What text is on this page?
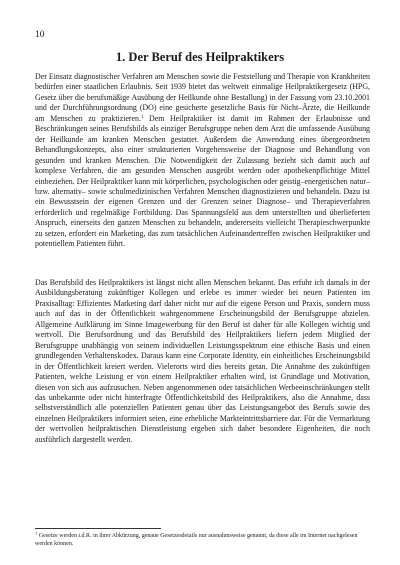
10
1. Der Beruf des Heilpraktikers

Der Einsatz diagnostischer Verfahren am Menschen sowie die Feststellung und Therapie von Krankheiten bedürfen einer staatlichen Erlaubnis. Seit 1939 bietet das weltweit einmalige Heilpraktikergesetz (HPG, Gesetz über die berufsmäßige Ausübung der Heilkunde ohne Bestallung) in der Fassung vom 23.10.2001 und der Durchführungsordnung (DO) eine gesicherte gesetzliche Basis für Nicht–Ärzte, die Heilkunde am Menschen zu praktizieren.$^1$ Dem Heilpraktiker ist damit im Rahmen der Erlaubnisse und Beschränkungen seines Berufsbilds als einziger Berufsgruppe neben dem Arzt die umfassende Ausübung der Heilkunde am kranken Menschen gestattet. Außerdem die Anwendung eines übergeordneten Behandlungskonzepts, also einer strukturierten Vorgehensweise der Diagnose und Behandlung von gesunden und kranken Menschen. Die Notwendigkeit der Zulassung bezieht sich damit auch auf komplexe Verfahren, die am gesunden Menschen ausgeübt werden oder apothekenpflichtige Mittel einbeziehen. Der Heilpraktiker kann mit körperlichen, psychologischen oder geistig–energetischen natur– bzw. alternativ– sowie schulmedizinischen Verfahren Menschen diagnostizieren und behandeln. Dazu ist ein Bewusstsein der eigenen Grenzen und der Grenzen seiner Diagnose– und Therapieverfahren erforderlich und regelmäßige Fortbildung. Das Spannungsfeld aus dem unterstellten und überlieferten Anspruch, einerseits den ganzen Menschen zu behandeln, andererseits vielleicht Therapieschwerpunkte zu setzen, erfordert ein Marketing, das zum tatsächlichen Aufeinandertreffen zwischen Heilpraktiker und potentiellem Patienten führt.

Das Berufsbild des Heilpraktikers ist längst nicht allen Menschen bekannt. Das erfuhr ich damals in der Ausbildungsberatung zukünftiger Kollegen und erlebe es immer wieder bei neuen Patienten im Praxisalltag: Effizientes Marketing darf daher nicht nur auf die eigene Person und Praxis, sondern muss auch auf das in der Öffentlichkeit wahrgenommene Erscheinungsbild der Berufsgruppe abzielen. Allgemeine Aufklärung im Sinne Imagewerbung für den Beruf ist daher für alle Kollegen wichtig und wertvoll. Die Berufsordnung und das Berufsbild des Heilpraktikers liefern jedem Mitglied der Berufsgruppe unabhängig von seinem individuellen Leistungsspektrum eine ethische Basis und einen grundlegenden Verhaltenskodex. Daraus kann eine Corporate Identity, ein einheitliches Erscheinungsbild in der Öffentlichkeit kreiert werden. Vielerorts wird dies bereits getan. Die Annahme des zukünftigen Patienten, welche Leistung er von einem Heilpraktiker erhalten wird, ist Grundlage und Motivation, diesen von sich aus aufzusuchen. Neben angenommenen oder tatsächlichen Werbeeinschränkungen stellt das unbekannte oder nicht hinterfragte Öffentlichkeitsbild des Heilpraktikers, also die Annahme, dass selbstverständlich alle potenziellen Patienten genau über das Leistungsangebot des Berufs sowie des einzelnen Heilpraktikers informiert seien, eine erhebliche Markteintrittsbarriere dar. Für die Vermarktung der wertvollen heilpraktischen Dienstleistung ergeben sich daher besondere Eigenheiten, die noch ausführlich dargestellt werden.

$^1$ Gesetze werden i.d.R. in ihrer Abkürzung, genaue Gesetzesdetails nur ausnahmsweise genannt, da diese alle im Internet nachgelesen werden können.
